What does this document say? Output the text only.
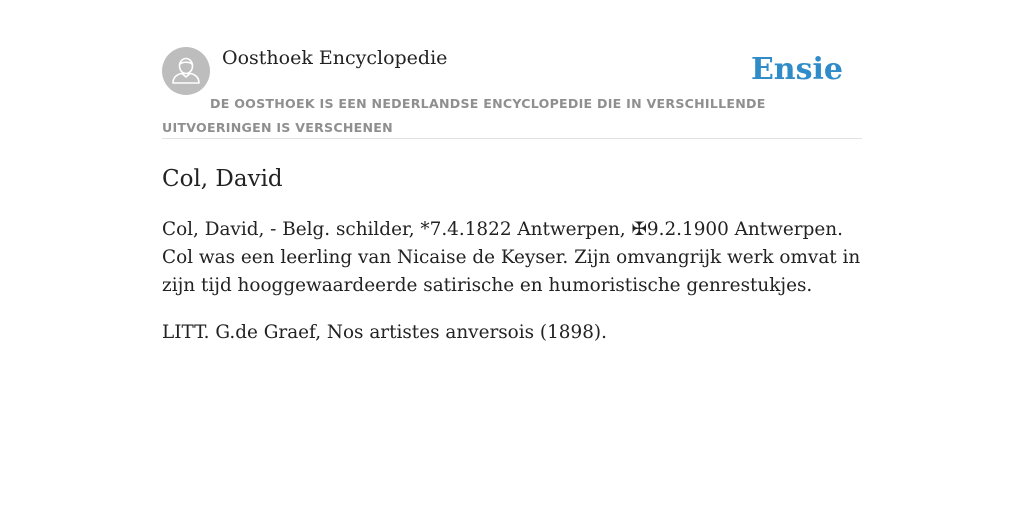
Oosthoek Encyclopedie	Ensie

DE OOSTHOEK IS EEN NEDERLANDSE ENCYCLOPEDIE DIE IN VERSCHILLENDE UITVOERINGEN IS VERSCHENEN

Col, David

Col, David, - Belg. schilder, *7.4.1822 Antwerpen, ✠9.2.1900 Antwerpen. Col was een leerling van Nicaise de Keyser. Zijn omvangrijk werk omvat in zijn tijd hooggewaardeerde satirische en humoristische genrestukjes.

LITT. G.de Graef, Nos artistes anversois (1898).
